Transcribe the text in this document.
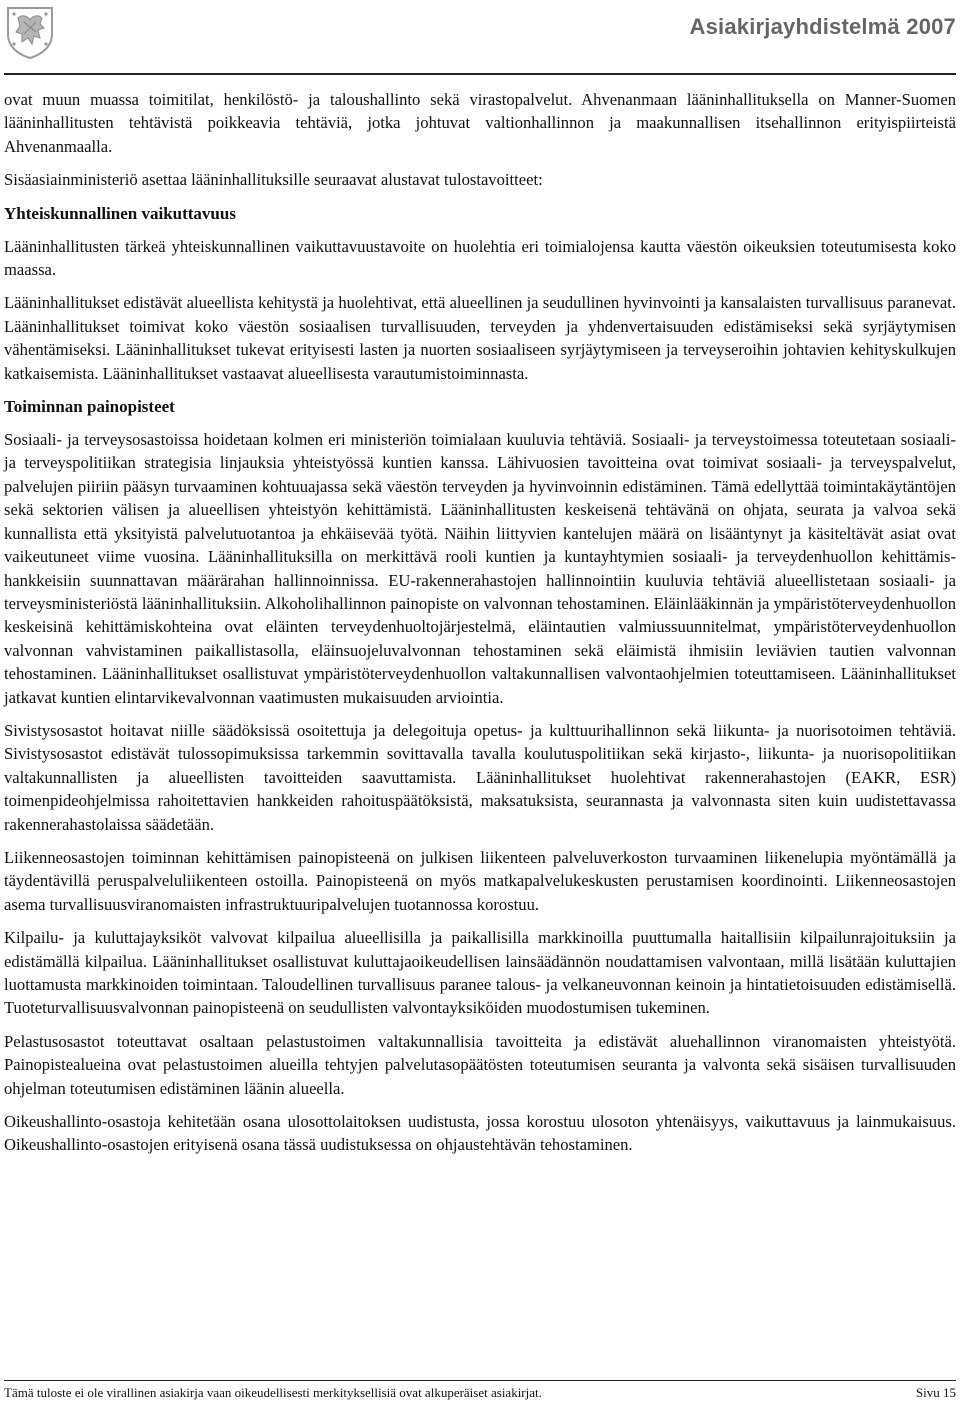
Asiakirjayhdistelmä 2007

ovat muun muassa toimitilat, henkilöstö- ja taloushallinto sekä virastopalvelut. Ahvenanmaan lääninhallituksella on Manner-Suomen lääninhallitusten tehtävistä poikkeavia tehtäviä, jotka johtuvat valtionhallinnon ja maakunnallisen itsehallinnon erityispiirteistä Ahvenanmaalla.

Sisäasiainministeriö asettaa lääninhallituksille seuraavat alustavat tulostavoitteet:

Yhteiskunnallinen vaikuttavuus

Lääninhallitusten tärkeä yhteiskunnallinen vaikuttavuustavoite on huolehtia eri toimialojensa kautta väestön oikeuksien toteutumisesta koko maassa.

Lääninhallitukset edistävät alueellista kehitystä ja huolehtivat, että alueellinen ja seudullinen hyvinvointi ja kansalaisten turvallisuus paranevat. Lääninhallitukset toimivat koko väestön sosiaalisen turvallisuuden, terveyden ja yhdenvertaisuuden edistämiseksi sekä syrjäytymisen vähentämiseksi. Lääninhallitukset tukevat erityisesti lasten ja nuorten sosiaaliseen syrjäytymiseen ja terveyseroihin johtavien kehityskulkujen katkaisemista. Lääninhallitukset vastaavat alueellisesta varautumistoiminnasta.

Toiminnan painopisteet

Sosiaali- ja terveysosastoissa hoidetaan kolmen eri ministeriön toimialaan kuuluvia tehtäviä. Sosiaali- ja terveystoimessa toteutetaan sosiaali- ja terveyspolitiikan strategisia linjauksia yhteistyössä kuntien kanssa. Lähivuosien tavoitteina ovat toimivat sosiaali- ja terveyspalvelut, palvelujen piiriin pääsyn turvaaminen kohtuuajassa sekä väestön terveyden ja hyvinvoinnin edistäminen. Tämä edellyttää toimintakäytäntöjen sekä sektorien välisen ja alueellisen yhteistyön kehittämistä. Lääninhallitusten keskeisenä tehtävänä on ohjata, seurata ja valvoa sekä kunnallista että yksityistä palvelutuotantoa ja ehkäisevää työtä. Näihin liittyvien kantelujen määrä on lisääntynyt ja käsiteltävät asiat ovat vaikeutuneet viime vuosina. Lääninhallituksilla on merkittävä rooli kuntien ja kuntayhtymien sosiaali- ja terveydenhuollon kehittämishankkeisiin suunnattavan määrärahan hallinnoinnissa. EU-rakennerahastojen hallinnointiin kuuluvia tehtäviä alueellistetaan sosiaali- ja terveysministeriöstä lääninhallituksiin. Alkoholihallinnon painopiste on valvonnan tehostaminen. Eläinlääkinnän ja ympäristöterveydenhuollon keskeisinä kehittämiskohteina ovat eläinten terveydenhuoltojärjestelmä, eläintautien valmiussuunnitelmat, ympäristöterveydenhuollon valvonnan vahvistaminen paikallistasolla, eläinsuojeluvalvonnan tehostaminen sekä eläimistä ihmisiin leviävien tautien valvonnan tehostaminen. Lääninhallitukset osallistuvat ympäristöterveydenhuollon valtakunnallisen valvontaohjelmien toteuttamiseen. Lääninhallitukset jatkavat kuntien elintarvikevalvonnan vaatimusten mukaisuuden arviointia.

Sivistysosastot hoitavat niille säädöksissä osoitettuja ja delegoituja opetus- ja kulttuurihallinnon sekä liikunta- ja nuorisotoimen tehtäviä. Sivistysosastot edistävät tulossopimuksissa tarkemmin sovittavalla tavalla koulutuspolitiikan sekä kirjasto-, liikunta- ja nuorisopolitiikan valtakunnallisten ja alueellisten tavoitteiden saavuttamista. Lääninhallitukset huolehtivat rakennerahastojen (EAKR, ESR) toimenpideohjelmissa rahoitettavien hankkeiden rahoituspäätöksistä, maksatuksista, seurannasta ja valvonnasta siten kuin uudistettavassa rakennerahastolaissa säädetään.

Liikenneosastojen toiminnan kehittämisen painopisteenä on julkisen liikenteen palveluverkoston turvaaminen liikenelupia myöntämällä ja täydentävillä peruspalveluliikenteen ostoilla. Painopisteenä on myös matkapalvelukeskusten perustamisen koordinointi. Liikenneosastojen asema turvallisuusviranomaisten infrastruktuuripalvelujen tuotannossa korostuu.

Kilpailu- ja kuluttajayksiköt valvovat kilpailua alueellisilla ja paikallisilla markkinoilla puuttumalla haitallisiin kilpailunrajoituksiin ja edistämällä kilpailua. Lääninhallitukset osallistuvat kuluttajaoikeudellisen lainsäädännön noudattamisen valvontaan, millä lisätään kuluttajien luottamusta markkinoiden toimintaan. Taloudellinen turvallisuus paranee talous- ja velkaneuvonnan keinoin ja hintatietoisuuden edistämisellä. Tuoteturvallisuusvalvonnan painopisteenä on seudullisten valvontayksiköiden muodostumisen tukeminen.

Pelastusosastot toteuttavat osaltaan pelastustoimen valtakunnallisia tavoitteita ja edistävät aluehallinnon viranomaisten yhteistyötä. Painopistealueina ovat pelastustoimen alueilla tehtyjen palvelutasopäätösten toteutumisen seuranta ja valvonta sekä sisäisen turvallisuuden ohjelman toteutumisen edistäminen läänin alueella.

Oikeushallinto-osastoja kehitetään osana ulosottolaitoksen uudistusta, jossa korostuu ulosoton yhtenäisyys, vaikuttavuus ja lainmukaisuus. Oikeushallinto-osastojen erityisenä osana tässä uudistuksessa on ohjaustehtävän tehostaminen.

Tämä tuloste ei ole virallinen asiakirja vaan oikeudellisesti merkityksellisiä ovat alkuperäiset asiakirjat.	Sivu 15
